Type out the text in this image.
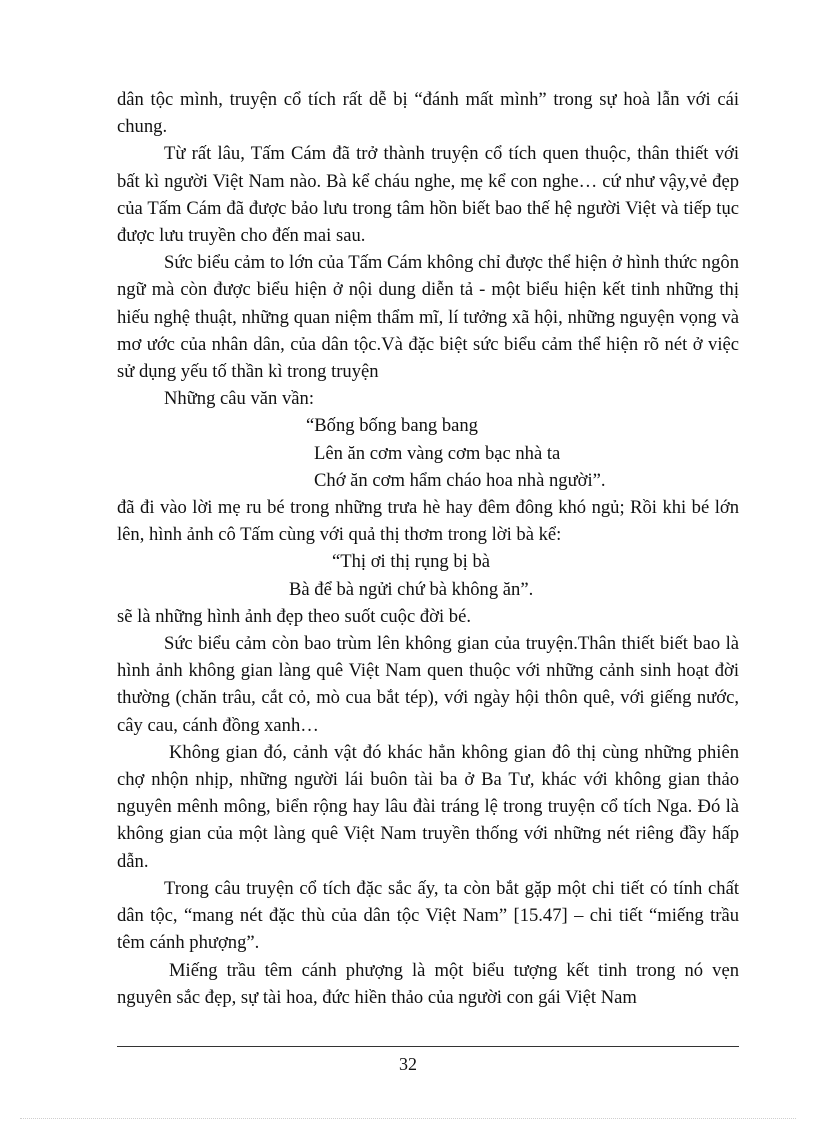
dân tộc mình, truyện cổ tích rất dễ bị “đánh mất mình” trong sự hoà lẫn với cái chung.

Từ rất lâu, Tấm Cám đã trở thành truyện cổ tích quen thuộc, thân thiết với bất kì người Việt Nam nào. Bà kể cháu nghe, mẹ kể con nghe… cứ như vậy,vẻ đẹp của Tấm Cám đã được bảo lưu trong tâm hồn biết bao thế hệ người Việt và tiếp tục được lưu truyền cho đến mai sau.

Sức biểu cảm to lớn của Tấm Cám không chỉ được thể hiện ở hình thức ngôn ngữ mà còn được biểu hiện ở nội dung diễn tả - một biểu hiện kết tinh những thị hiếu nghệ thuật, những quan niệm thẩm mĩ, lí tưởng xã hội, những nguyện vọng và mơ ước của nhân dân, của dân tộc.Và đặc biệt sức biểu cảm thể hiện rõ nét ở việc sử dụng yếu tố thần kì trong truyện

Những câu văn vần:

“Bống bống bang bang

Lên ăn cơm vàng cơm bạc nhà ta

Chớ ăn cơm hẩm cháo hoa nhà người”.

đã đi vào lời mẹ ru bé trong những trưa hè hay đêm đông khó ngủ; Rồi khi bé lớn lên, hình ảnh cô Tấm cùng với quả thị thơm trong lời bà kể:

“Thị ơi thị rụng bị bà

Bà để bà ngửi chứ bà không ăn”.

sẽ là những hình ảnh đẹp theo suốt cuộc đời bé.

Sức biểu cảm còn bao trùm lên không gian của truyện.Thân thiết biết bao là hình ảnh không gian làng quê Việt Nam quen thuộc với những cảnh sinh hoạt đời thường (chăn trâu, cắt cỏ, mò cua bắt tép), với ngày hội thôn quê, với giếng nước, cây cau, cánh đồng xanh…

Không gian đó, cảnh vật đó khác hẳn không gian đô thị cùng những phiên chợ nhộn nhịp, những người lái buôn tài ba ở Ba Tư, khác với không gian thảo nguyên mênh mông, biển rộng hay lâu đài tráng lệ trong truyện cổ tích Nga. Đó là không gian của một làng quê Việt Nam truyền thống với những nét riêng đầy hấp dẫn.

Trong câu truyện cổ tích đặc sắc ấy, ta còn bắt gặp một chi tiết có tính chất dân tộc, “mang nét đặc thù của dân tộc Việt Nam” [15.47] – chi tiết “miếng trầu têm cánh phượng”.

Miếng trầu têm cánh phượng là một biểu tượng kết tinh trong nó vẹn nguyên sắc đẹp, sự tài hoa, đức hiền thảo của người con gái Việt Nam

32
